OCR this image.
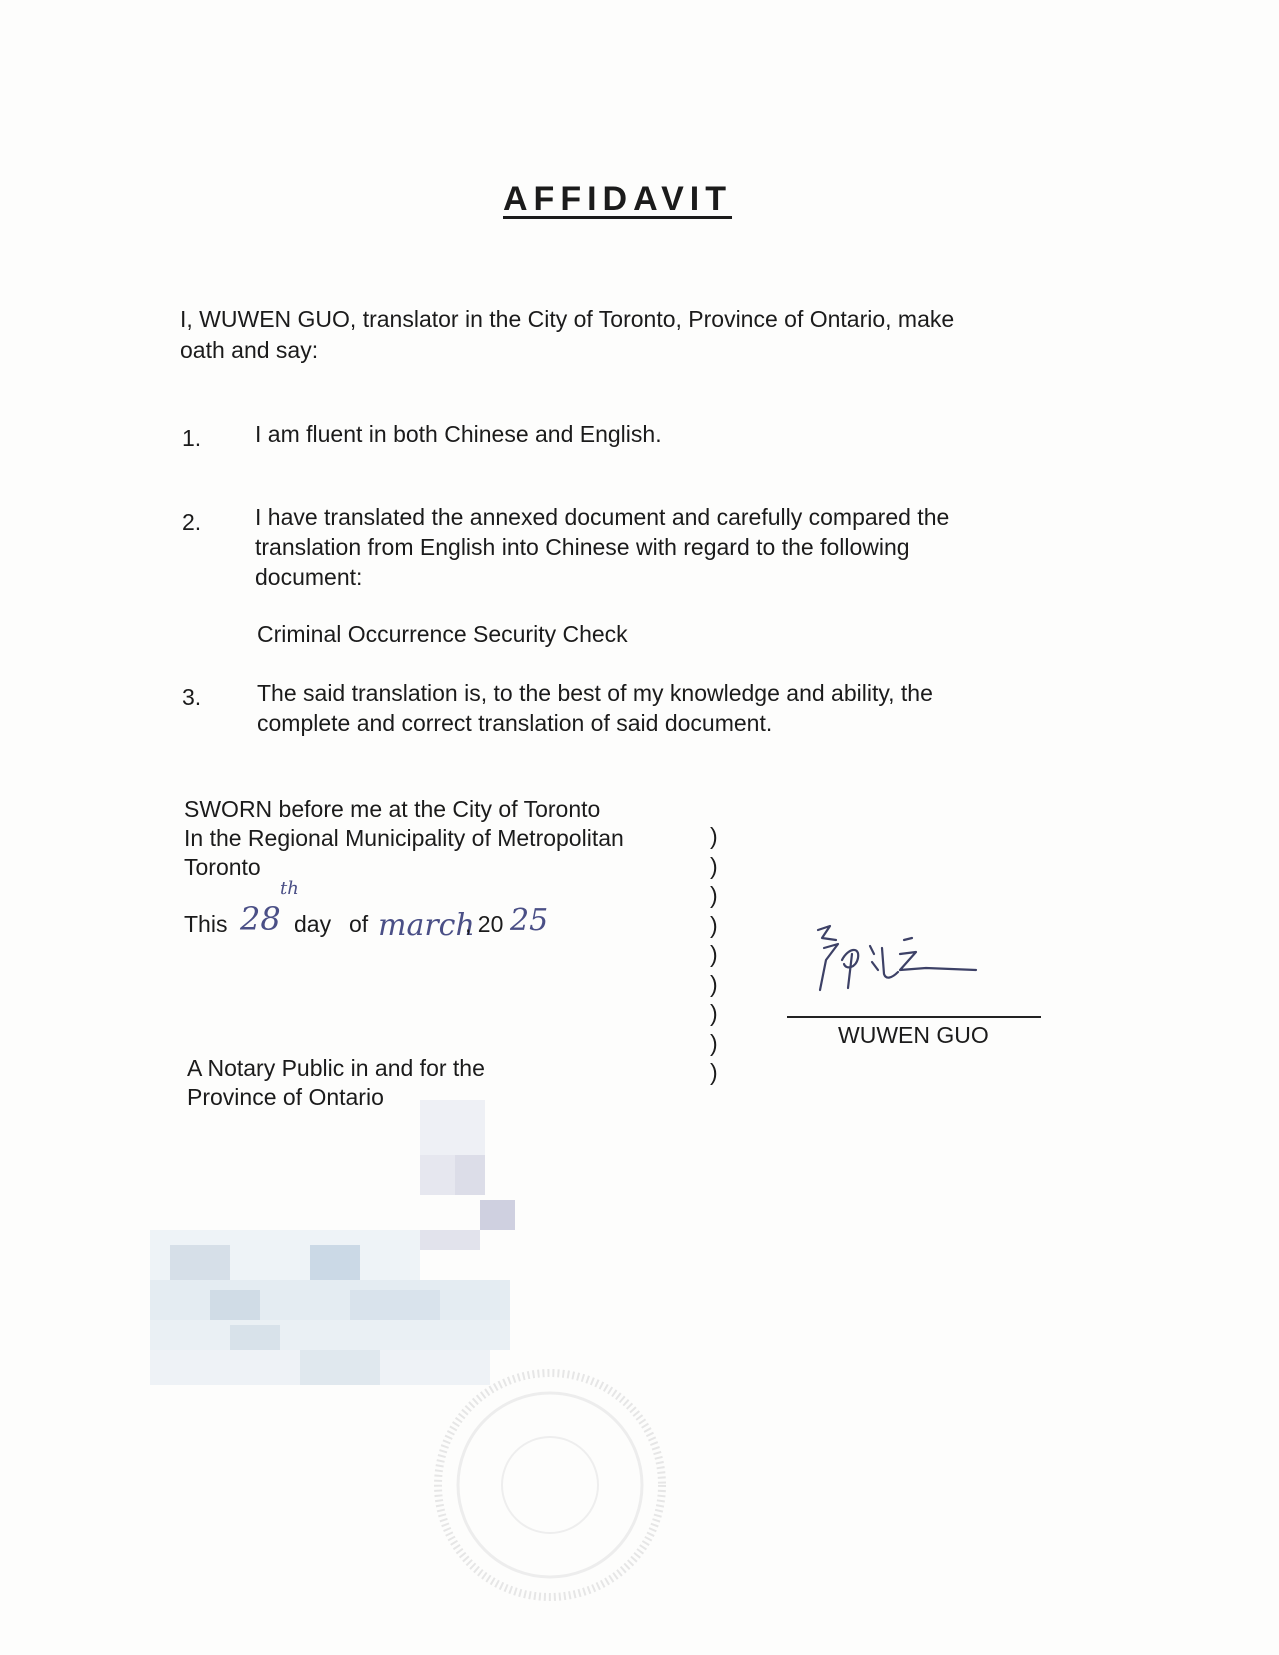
AFFIDAVIT
I, WUWEN GUO, translator in the City of Toronto, Province of Ontario, make
oath and say:
1. I am fluent in both Chinese and English.
2. I have translated the annexed document and carefully compared the
translation from English into Chinese with regard to the following
document:
Criminal Occurrence Security Check
3. The said translation is, to the best of my knowledge and ability, the
complete and correct translation of said document.
SWORN before me at the City of Toronto
In the Regional Municipality of Metropolitan
Toronto
This 28
th
day of march
, 20 25
)
)
)
)
)
)
)
)
)
WUWEN GUO
A Notary Public in and for the
Province of Ontario
